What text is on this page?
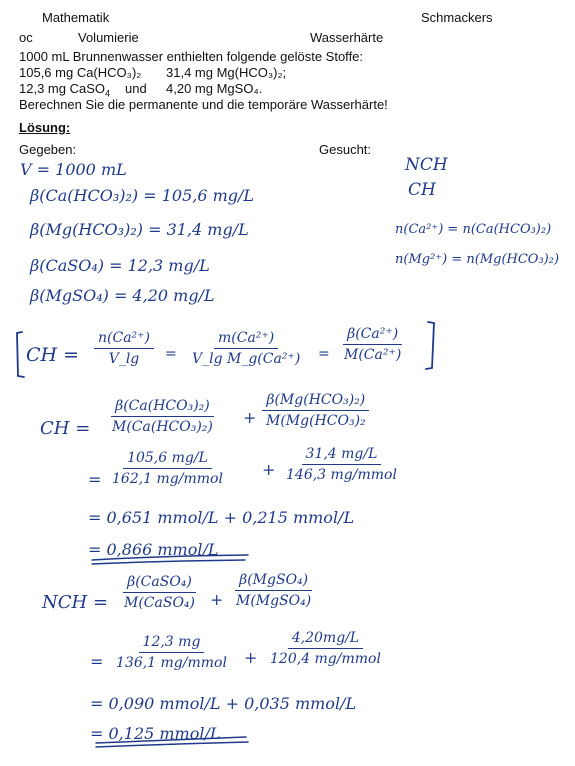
Mathematik	Schmackers
oc	Volumierie	Wasserhärte
1000 mL Brunnenwasser enthielten folgende gelöste Stoffe:
105,6 mg Ca(HCO₃)₂ 31,4 mg Mg(HCO₃)₂;
12,3 mg CaSO$_4$ und 4,20 mg MgSO₄.
Berechnen Sie die permanente und die temporäre Wasserhärte!
Lösung:
Gegeben:	Gesucht:
V = 1000 mL
β(Ca(HCO₃)₂) = 105,6 mg/L
β(Mg(HCO₃)₂) = 31,4 mg/L
β(CaSO₄) = 12,3 mg/L
β(MgSO₄) = 4,20 mg/L
NCH
CH
n(Ca²⁺) = n(Ca(HCO₃)₂)
n(Mg²⁺) = n(Mg(HCO₃)₂)
CH = $\frac{\text{n(Ca²⁺)}}{V\_\lg} = \frac{\text{m(Ca²⁺)}}{\text{V\_lg M\_g(Ca²⁺)}} = \frac{\text{β(Ca²⁺)}}{\text{M(Ca²⁺)}}$
CH =
β(Ca(HCO₃)₂)
M(Ca(HCO₃)₂) +
β(Mg(HCO₃)₂)
M(Mg(HCO₃)₂
=
105,6 mg/L
162,1 mg/mmol +
31,4 mg/L
146,3 mg/mmol
= 0,651 mmol/L + 0,215 mmol/L
= 0,866 mmol/L
NCH =
β(CaSO₄)
M(CaSO₄) +
β(MgSO₄)
M(MgSO₄)
=
12,3 mg
136,1 mg/mmol +
4,20mg/L
120,4 mg/mmol
= 0,090 mmol/L + 0,035 mmol/L
= 0,125 mmol/L
